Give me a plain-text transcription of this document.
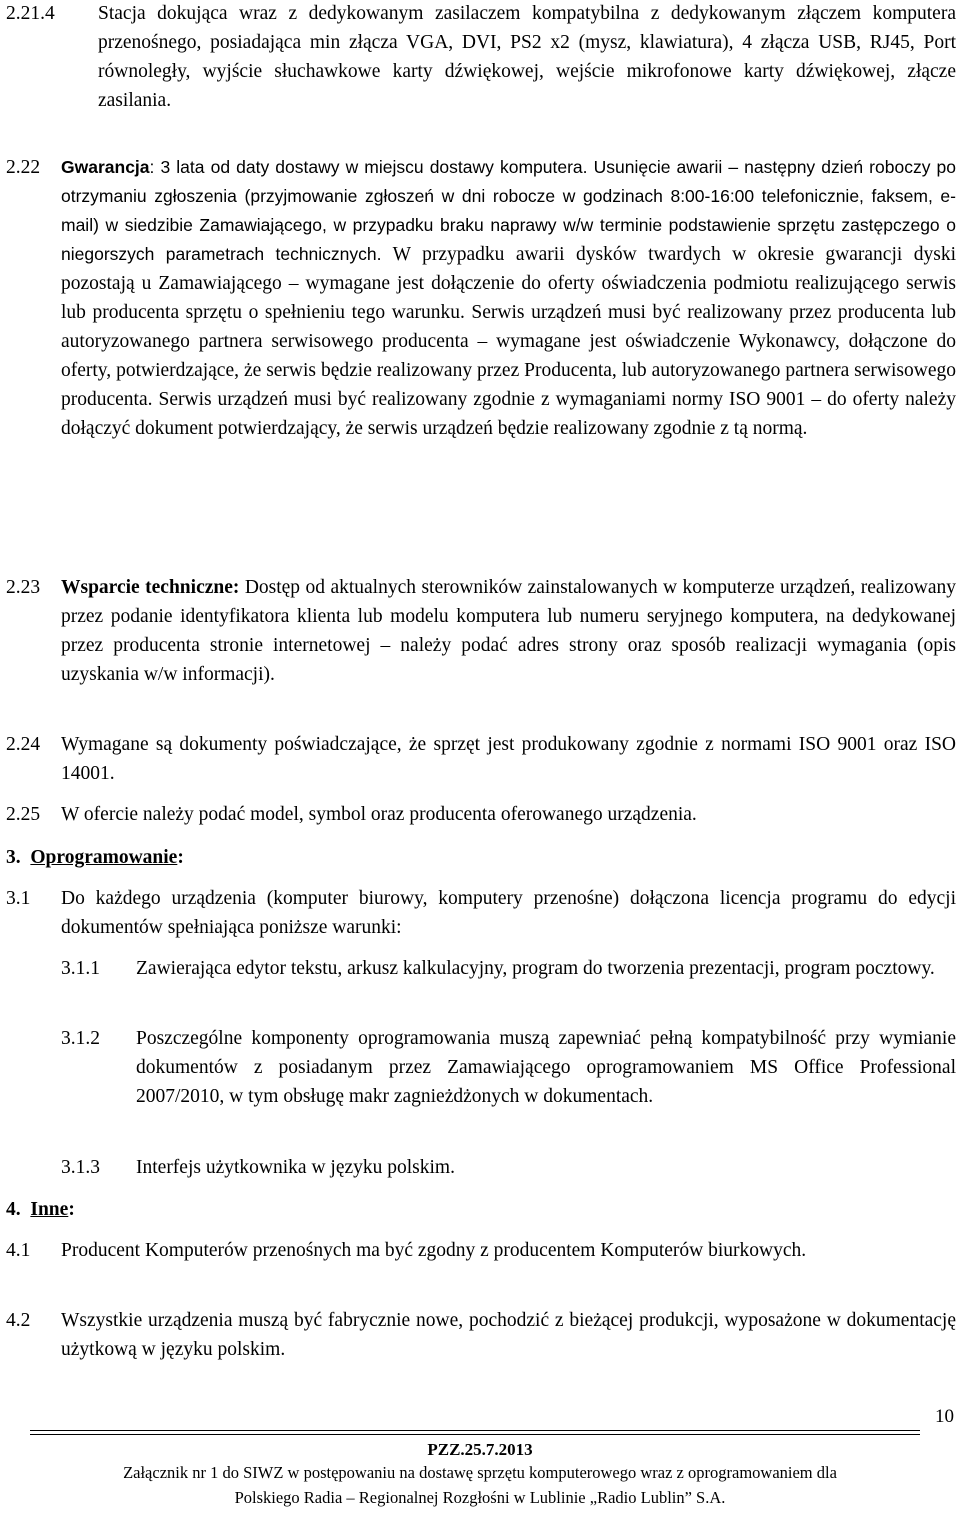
2.21.4 Stacja dokująca wraz z dedykowanym zasilaczem kompatybilna z dedykowanym złączem komputera przenośnego, posiadająca min złącza VGA, DVI, PS2 x2 (mysz, klawiatura), 4 złącza USB, RJ45, Port równoległy, wyjście słuchawkowe karty dźwiękowej, wejście mikrofonowe karty dźwiękowej, złącze zasilania.
2.22 Gwarancja: 3 lata od daty dostawy w miejscu dostawy komputera. Usunięcie awarii – następny dzień roboczy po otrzymaniu zgłoszenia (przyjmowanie zgłoszeń w dni robocze w godzinach 8:00-16:00 telefonicznie, faksem, e-mail) w siedzibie Zamawiającego, w przypadku braku naprawy w/w terminie podstawienie sprzętu zastępczego o niegorszych parametrach technicznych. W przypadku awarii dysków twardych w okresie gwarancji dyski pozostają u Zamawiającego – wymagane jest dołączenie do oferty oświadczenia podmiotu realizującego serwis lub producenta sprzętu o spełnieniu tego warunku. Serwis urządzeń musi być realizowany przez producenta lub autoryzowanego partnera serwisowego producenta – wymagane jest oświadczenie Wykonawcy, dołączone do oferty, potwierdzające, że serwis będzie realizowany przez Producenta, lub autoryzowanego partnera serwisowego producenta. Serwis urządzeń musi być realizowany zgodnie z wymaganiami normy ISO 9001 – do oferty należy dołączyć dokument potwierdzający, że serwis urządzeń będzie realizowany zgodnie z tą normą.
2.23 Wsparcie techniczne: Dostęp od aktualnych sterowników zainstalowanych w komputerze urządzeń, realizowany przez podanie identyfikatora klienta lub modelu komputera lub numeru seryjnego komputera, na dedykowanej przez producenta stronie internetowej – należy podać adres strony oraz sposób realizacji wymagania (opis uzyskania w/w informacji).
2.24 Wymagane są dokumenty poświadczające, że sprzęt jest produkowany zgodnie z normami ISO 9001 oraz ISO 14001.
2.25 W ofercie należy podać model, symbol oraz producenta oferowanego urządzenia.
3. Oprogramowanie:
3.1 Do każdego urządzenia (komputer biurowy, komputery przenośne) dołączona licencja programu do edycji dokumentów spełniająca poniższe warunki:
3.1.1 Zawierająca edytor tekstu, arkusz kalkulacyjny, program do tworzenia prezentacji, program pocztowy.
3.1.2 Poszczególne komponenty oprogramowania muszą zapewniać pełną kompatybilność przy wymianie dokumentów z posiadanym przez Zamawiającego oprogramowaniem MS Office Professional 2007/2010, w tym obsługę makr zagnieżdżonych w dokumentach.
3.1.3 Interfejs użytkownika w języku polskim.
4. Inne:
4.1 Producent Komputerów przenośnych ma być zgodny z producentem Komputerów biurkowych.
4.2 Wszystkie urządzenia muszą być fabrycznie nowe, pochodzić z bieżącej produkcji, wyposażone w dokumentację użytkową w języku polskim.
10
PZZ.25.7.2013
Załącznik nr 1 do SIWZ w postępowaniu na dostawę sprzętu komputerowego wraz z oprogramowaniem dla
Polskiego Radia – Regionalnej Rozgłośni w Lublinie „Radio Lublin” S.A.
